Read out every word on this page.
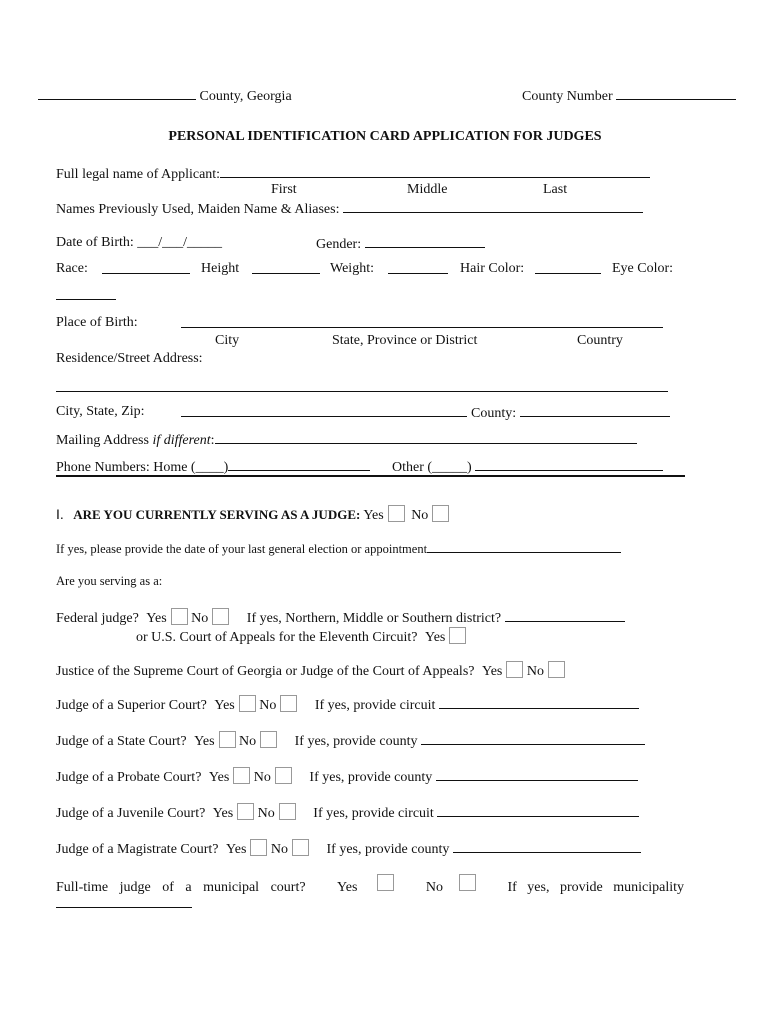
County, Georgia	County Number
PERSONAL IDENTIFICATION CARD APPLICATION FOR JUDGES
Full legal name of Applicant:
First	Middle	Last
Names Previously Used, Maiden Name & Aliases:
Date of Birth: ___/___/_____	Gender:
Race:	Height	Weight:	Hair Color:	Eye Color:
Place of Birth:
City	State, Province or District	Country
Residence/Street Address:
City, State, Zip:	County:
Mailing Address if different:
Phone Numbers: Home (____)	Other (_____)
I. ARE YOU CURRENTLY SERVING AS A JUDGE: Yes No
If yes, please provide the date of your last general election or appointment
Are you serving as a:
Federal judge? Yes No	If yes, Northern, Middle or Southern district?
or U.S. Court of Appeals for the Eleventh Circuit? Yes
Justice of the Supreme Court of Georgia or Judge of the Court of Appeals? Yes No
Judge of a Superior Court? Yes No	If yes, provide circuit
Judge of a State Court? Yes No	If yes, provide county
Judge of a Probate Court? Yes No	If yes, provide county
Judge of a Juvenile Court? Yes No	If yes, provide circuit
Judge of a Magistrate Court? Yes No	If yes, provide county
Full-time judge of a municipal court? Yes	No	If yes, provide municipality
